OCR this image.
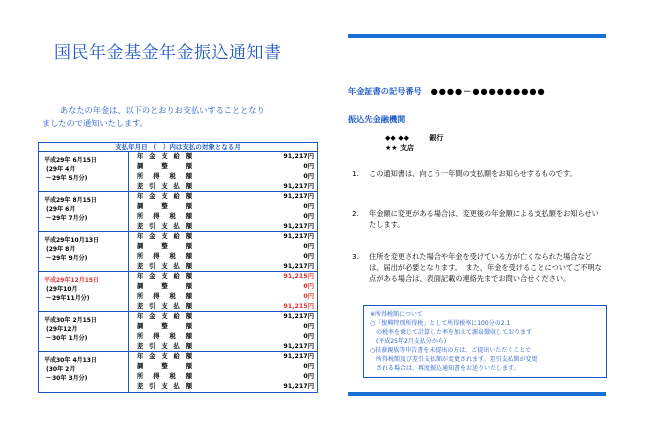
国民年金基金年金振込通知書
あなたの年金は、以下のとおりお支払いすることとなり
ましたので通知いたします。
支払年月日 （　）内は支払の対象となる月
平成29年 6月15日
(29年 4月
～29年 5月分)
年金支給額	91,217円
調整額	0円
所得税額	0円
差引支払額	91,217円
平成29年 8月15日
(29年 6月
～29年 7月分)
年金支給額	91,217円
調整額	0円
所得税額	0円
差引支払額	91,217円
平成29年10月13日
(29年 8月
～29年 9月分)
年金支給額	91,217円
調整額	0円
所得税額	0円
差引支払額	91,217円
平成29年12月15日
(29年10月
～29年11月分)
年金支給額	91,215円
調整額	0円
所得税額	0円
差引支払額	91,215円
平成30年 2月15日
(29年12月
～30年 1月分)
年金支給額	91,217円
調整額	0円
所得税額	0円
差引支払額	91,217円
平成30年 4月13日
(30年 2月
～30年 3月分)
年金支給額	91,217円
調整額	0円
所得税額	0円
差引支払額	91,217円
年金証書の記号番号 ●●●●－●●●●●●●●●
振込先金融機関
◆◆ ◆◆	銀行
★★ 支店
1.	この通知書は、向こう一年間の支払額をお知らせするものです。
2.	年金額に変更がある場合は、変更後の年金額による支払額をお知らせいたします。
3.	住所を変更された場合や年金を受けている方が亡くなられた場合などは、届出が必要となります。　また、年金を受けることについてご不明な点がある場合は、表面記載の連絡先までお問い合せください。

※所得税額について

○「復興特別所得税」として所得税率に100分の2.1

　の税率を乗じて計算した率を加えて源泉徴収しております

　(平成25年2月支払分から)

○扶養親族等申告書を未提出の方は、ご提出いただくことで

　所得税額及び差引支払額が変更されます。差引支払額が変更

　される場合は、再度振込通知書をお送りいたします。
